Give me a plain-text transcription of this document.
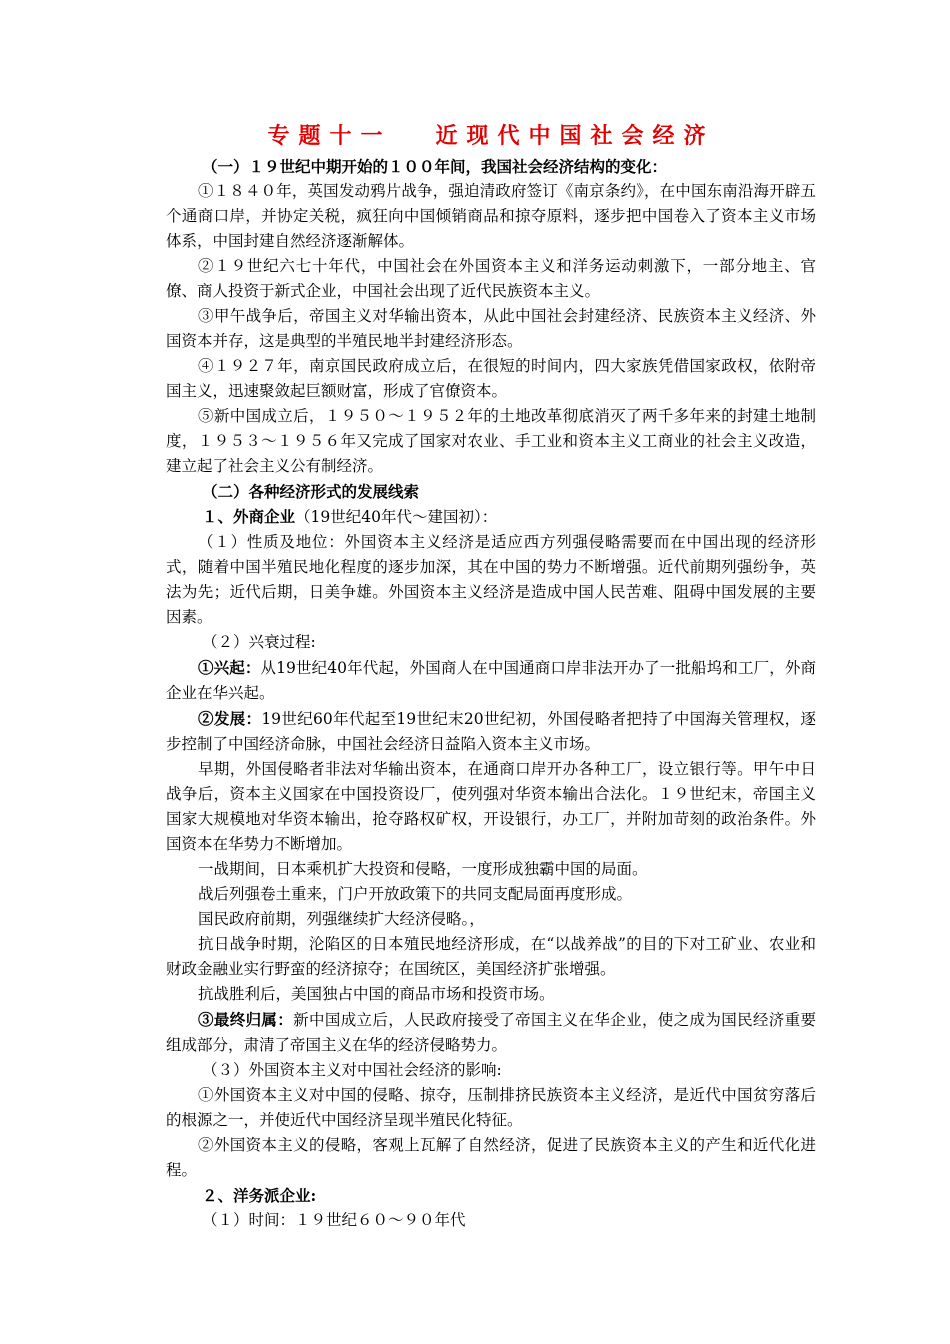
专题十一 近现代中国社会经济

（一）１９世纪中期开始的１００年间，我国社会经济结构的变化：

①１８４０年，英国发动鸦片战争，强迫清政府签订《南京条约》，在中国东南沿海开辟五个通商口岸，并协定关税，疯狂向中国倾销商品和掠夺原料，逐步把中国卷入了资本主义市场体系，中国封建自然经济逐渐解体。

②１９世纪六七十年代，中国社会在外国资本主义和洋务运动刺激下，一部分地主、官僚、商人投资于新式企业，中国社会出现了近代民族资本主义。

③甲午战争后，帝国主义对华输出资本，从此中国社会封建经济、民族资本主义经济、外国资本并存，这是典型的半殖民地半封建经济形态。

④１９２７年，南京国民政府成立后，在很短的时间内，四大家族凭借国家政权，依附帝国主义，迅速聚敛起巨额财富，形成了官僚资本。

⑤新中国成立后，１９５０～１９５２年的土地改革彻底消灭了两千多年来的封建土地制度，１９５３～１９５６年又完成了国家对农业、手工业和资本主义工商业的社会主义改造，建立起了社会主义公有制经济。

（二）各种经济形式的发展线索

１、外商企业（19世纪40年代～建国初）：

（１）性质及地位：外国资本主义经济是适应西方列强侵略需要而在中国出现的经济形式，随着中国半殖民地化程度的逐步加深，其在中国的势力不断增强。近代前期列强纷争，英法为先；近代后期，日美争雄。外国资本主义经济是造成中国人民苦难、阻碍中国发展的主要因素。

（２）兴衰过程:

①兴起：从19世纪40年代起，外国商人在中国通商口岸非法开办了一批船坞和工厂，外商企业在华兴起。

②发展：19世纪60年代起至19世纪末20世纪初，外国侵略者把持了中国海关管理权，逐步控制了中国经济命脉，中国社会经济日益陷入资本主义市场。

早期，外国侵略者非法对华输出资本，在通商口岸开办各种工厂，设立银行等。甲午中日战争后，资本主义国家在中国投资设厂，使列强对华资本输出合法化。１９世纪末，帝国主义国家大规模地对华资本输出，抢夺路权矿权，开设银行，办工厂，并附加苛刻的政治条件。外国资本在华势力不断增加。

一战期间，日本乘机扩大投资和侵略，一度形成独霸中国的局面。

战后列强卷土重来，门户开放政策下的共同支配局面再度形成。

国民政府前期，列强继续扩大经济侵略。，

抗日战争时期，沦陷区的日本殖民地经济形成，在“以战养战”的目的下对工矿业、农业和财政金融业实行野蛮的经济掠夺；在国统区，美国经济扩张增强。

抗战胜利后，美国独占中国的商品市场和投资市场。

③最终归属：新中国成立后，人民政府接受了帝国主义在华企业，使之成为国民经济重要组成部分，肃清了帝国主义在华的经济侵略势力。

（３）外国资本主义对中国社会经济的影响:

①外国资本主义对中国的侵略、掠夺，压制排挤民族资本主义经济，是近代中国贫穷落后的根源之一，并使近代中国经济呈现半殖民化特征。

②外国资本主义的侵略，客观上瓦解了自然经济，促进了民族资本主义的产生和近代化进程。

２、洋务派企业:

（１）时间：１９世纪６０～９０年代
